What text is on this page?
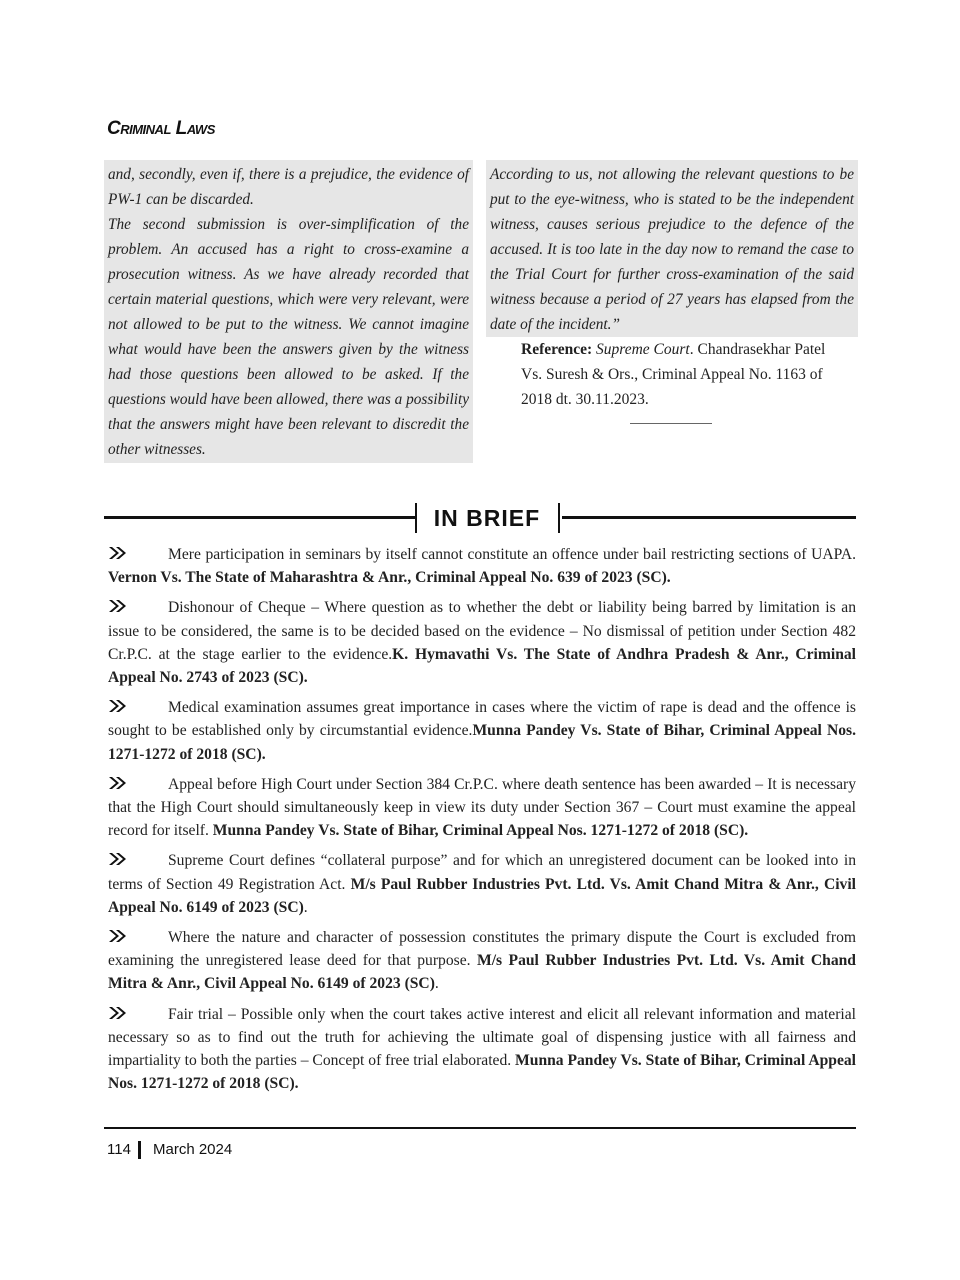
Criminal Laws

and, secondly, even if, there is a prejudice, the evidence of PW-1 can be discarded.

The second submission is over-simplification of the problem. An accused has a right to cross-examine a prosecution witness. As we have already recorded that certain material questions, which were very relevant, were not allowed to be put to the witness. We cannot imagine what would have been the answers given by the witness had those questions been allowed to be asked. If the questions would have been allowed, there was a possibility that the answers might have been relevant to discredit the other witnesses.

According to us, not allowing the relevant questions to be put to the eye-witness, who is stated to be the independent witness, causes serious prejudice to the defence of the accused. It is too late in the day now to remand the case to the Trial Court for further cross-examination of the said witness because a period of 27 years has elapsed from the date of the incident.”

Reference: Supreme Court. Chandrasekhar Patel Vs. Suresh & Ors., Criminal Appeal No. 1163 of 2018 dt. 30.11.2023.
IN BRIEF

Mere participation in seminars by itself cannot constitute an offence under bail restricting sections of UAPA. Vernon Vs. The State of Maharashtra & Anr., Criminal Appeal No. 639 of 2023 (SC).

Dishonour of Cheque – Where question as to whether the debt or liability being barred by limitation is an issue to be considered, the same is to be decided based on the evidence – No dismissal of petition under Section 482 Cr.P.C. at the stage earlier to the evidence.K. Hymavathi Vs. The State of Andhra Pradesh & Anr., Criminal Appeal No. 2743 of 2023 (SC).

Medical examination assumes great importance in cases where the victim of rape is dead and the offence is sought to be established only by circumstantial evidence.Munna Pandey Vs. State of Bihar, Criminal Appeal Nos. 1271-1272 of 2018 (SC).

Appeal before High Court under Section 384 Cr.P.C. where death sentence has been awarded – It is necessary that the High Court should simultaneously keep in view its duty under Section 367 – Court must examine the appeal record for itself. Munna Pandey Vs. State of Bihar, Criminal Appeal Nos. 1271-1272 of 2018 (SC).

Supreme Court defines “collateral purpose” and for which an unregistered document can be looked into in terms of Section 49 Registration Act. M/s Paul Rubber Industries Pvt. Ltd. Vs. Amit Chand Mitra & Anr., Civil Appeal No. 6149 of 2023 (SC).

Where the nature and character of possession constitutes the primary dispute the Court is excluded from examining the unregistered lease deed for that purpose. M/s Paul Rubber Industries Pvt. Ltd. Vs. Amit Chand Mitra & Anr., Civil Appeal No. 6149 of 2023 (SC).

Fair trial – Possible only when the court takes active interest and elicit all relevant information and material necessary so as to find out the truth for achieving the ultimate goal of dispensing justice with all fairness and impartiality to both the parties – Concept of free trial elaborated. Munna Pandey Vs. State of Bihar, Criminal Appeal Nos. 1271-1272 of 2018 (SC).

114 March 2024
